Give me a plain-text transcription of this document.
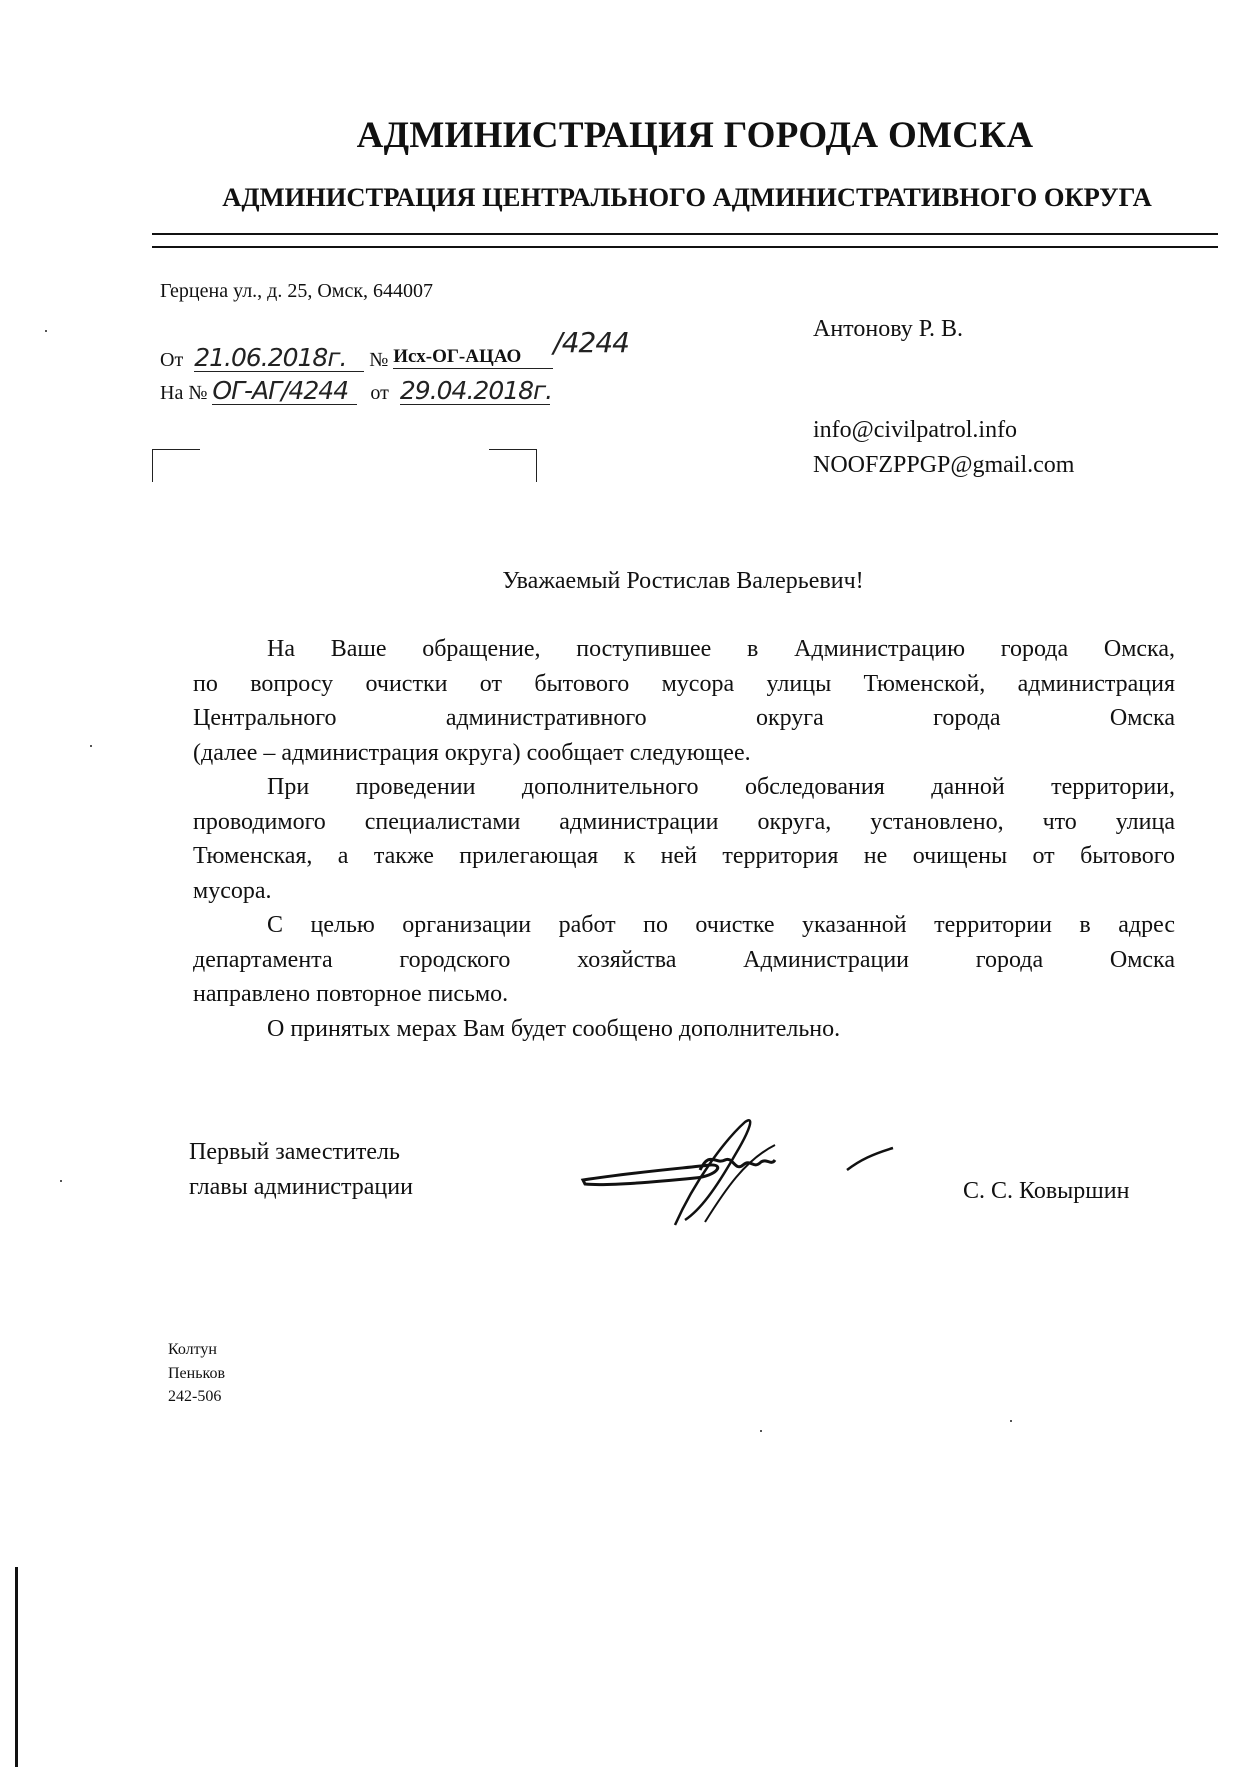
АДМИНИСТРАЦИЯ ГОРОДА ОМСКА
АДМИНИСТРАЦИЯ ЦЕНТРАЛЬНОГО АДМИНИСТРАТИВНОГО ОКРУГА
Герцена ул., д. 25, Омск, 644007
От 21.06.2018г. № Исх-ОГ-АЦАО /4244
На № ОГ-АГ/4244 от 29.04.2018г.
Антонову Р. В.
info@civilpatrol.info
NOOFZPPGP@gmail.com
Уважаемый Ростислав Валерьевич!
На Ваше обращение, поступившее в Администрацию города Омска,
по вопросу очистки от бытового мусора улицы Тюменской, администрация
Центрального административного округа города Омска
(далее – администрация округа) сообщает следующее.
При проведении дополнительного обследования данной территории,
проводимого специалистами администрации округа, установлено, что улица
Тюменская, а также прилегающая к ней территория не очищены от бытового
мусора.
С целью организации работ по очистке указанной территории в адрес
департамента городского хозяйства Администрации города Омска
направлено повторное письмо.
О принятых мерах Вам будет сообщено дополнительно.
Первый заместитель
главы администрации	С. С. Ковыршин
Колтун
Пеньков
242-506
